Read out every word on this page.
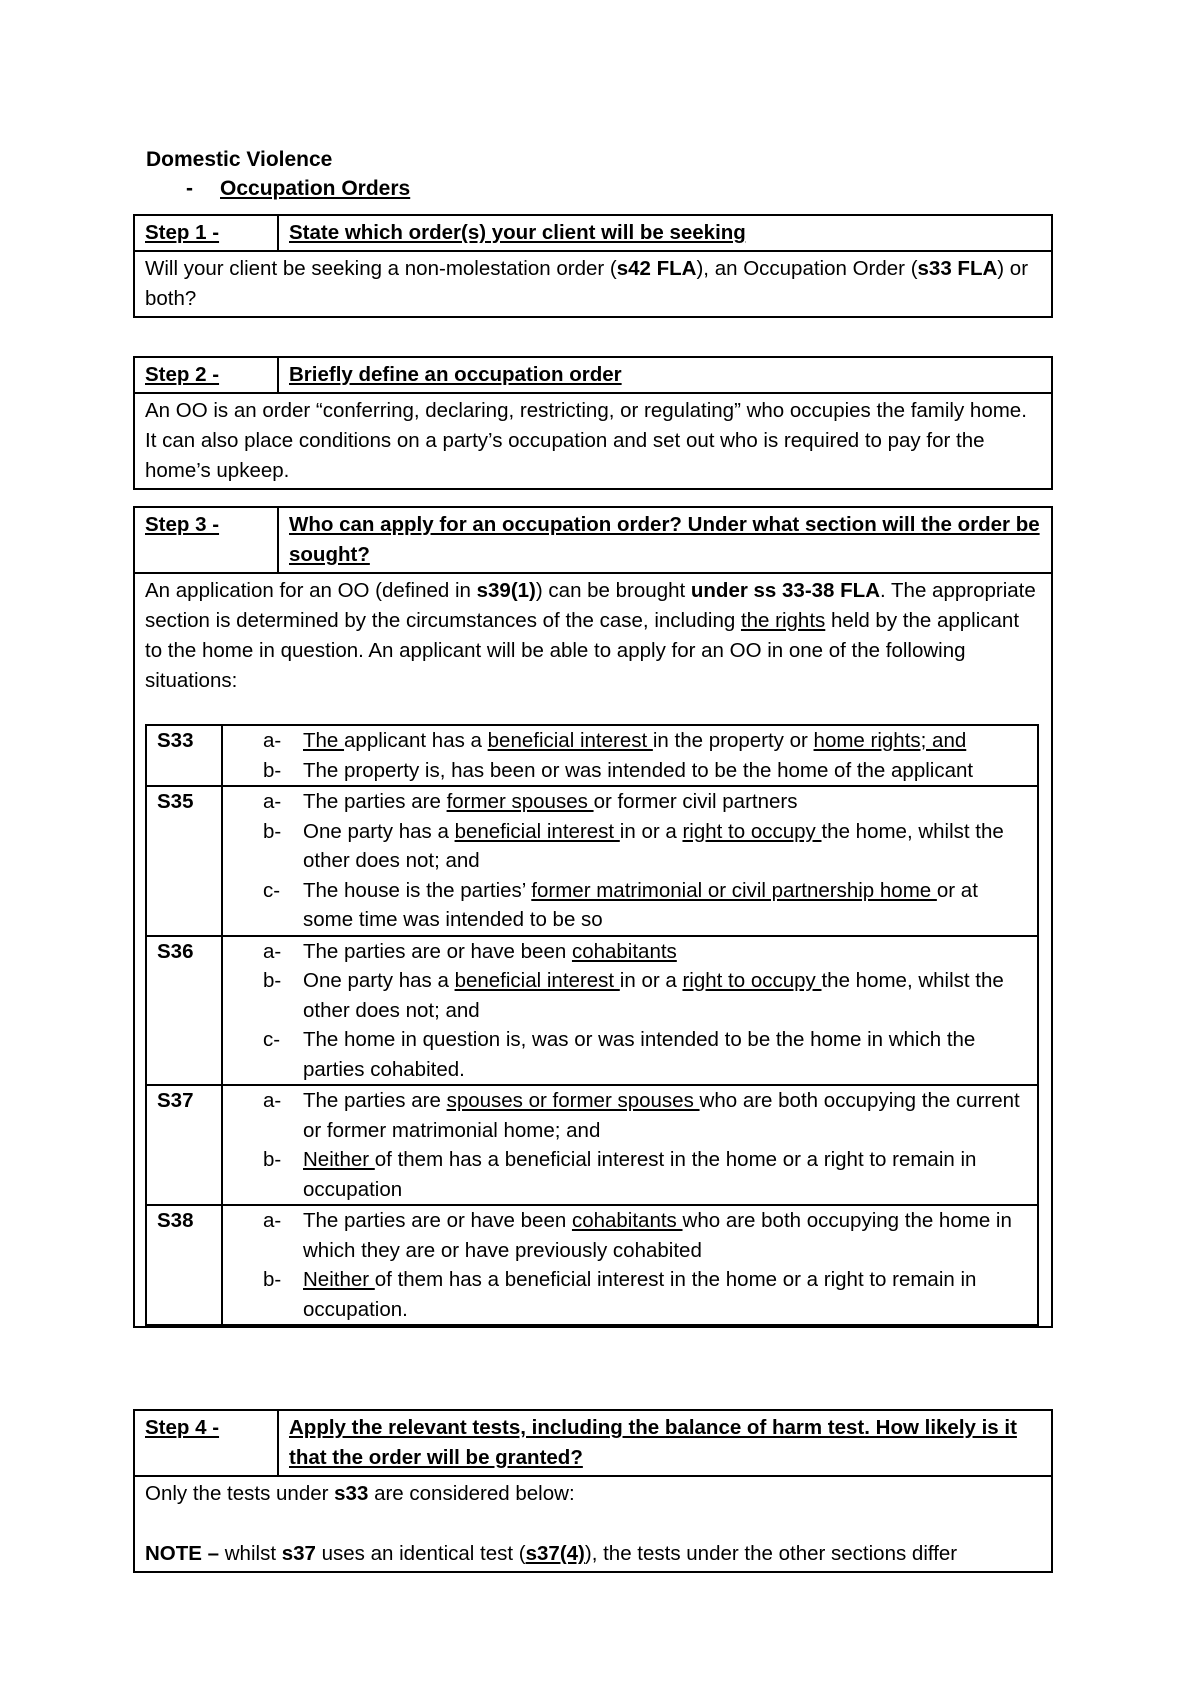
Domestic Violence
- Occupation Orders
Step 1 -	State which order(s) your client will be seeking
Will your client be seeking a non-molestation order (s42 FLA), an Occupation Order (s33 FLA) or both?
Step 2 -	Briefly define an occupation order
An OO is an order “conferring, declaring, restricting, or regulating” who occupies the family home. It can also place conditions on a party’s occupation and set out who is required to pay for the home’s upkeep.
Step 3 -	Who can apply for an occupation order? Under what section will the order be sought?

An application for an OO (defined in s39(1)) can be brought under ss 33-38 FLA. The appropriate section is determined by the circumstances of the case, including the rights held by the applicant to the home in question. An applicant will be able to apply for an OO in one of the following situations:
S33	a-	The applicant has a beneficial interest in the property or home rights; and
b-	The property is, has been or was intended to be the home of the applicant

S35	a-	The parties are former spouses or former civil partners
b-	One party has a beneficial interest in or a right to occupy the home, whilst the other does not; and
c-	The house is the parties’ former matrimonial or civil partnership home or at some time was intended to be so

S36	a-	The parties are or have been cohabitants
b-	One party has a beneficial interest in or a right to occupy the home, whilst the other does not; and
c-	The home in question is, was or was intended to be the home in which the parties cohabited.

S37	a-	The parties are spouses or former spouses who are both occupying the current or former matrimonial home; and
b-	Neither of them has a beneficial interest in the home or a right to remain in occupation

S38	a-	The parties are or have been cohabitants who are both occupying the home in which they are or have previously cohabited
b-	Neither of them has a beneficial interest in the home or a right to remain in occupation.
Step 4 -	Apply the relevant tests, including the balance of harm test. How likely is it that the order will be granted?

Only the tests under s33 are considered below:
NOTE – whilst s37 uses an identical test (s37(4)), the tests under the other sections differ
